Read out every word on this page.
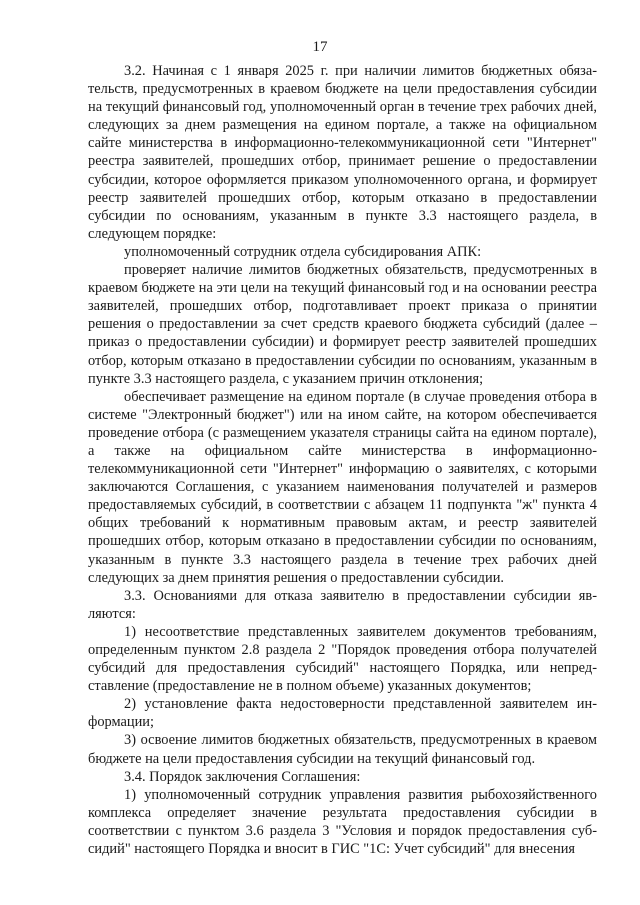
17

3.2. Начиная с 1 января 2025 г. при наличии лимитов бюджетных обязательств, предусмотренных в краевом бюджете на цели предоставления субсидии на текущий финансовый год, уполномоченный орган в течение трех рабочих дней, следующих за днем размещения на едином портале, а также на официальном сайте министерства в информационно-телекоммуникационной сети "Интернет" реестра заявителей, прошедших отбор, принимает решение о предоставлении субсидии, которое оформляется приказом уполномоченного органа, и формирует реестр заявителей прошедших отбор, которым отказано в предоставлении субсидии по основаниям, указанным в пункте 3.3 настоящего раздела, в следующем порядке:

уполномоченный сотрудник отдела субсидирования АПК:

проверяет наличие лимитов бюджетных обязательств, предусмотренных в краевом бюджете на эти цели на текущий финансовый год и на основании реестра заявителей, прошедших отбор, подготавливает проект приказа о принятии решения о предоставлении за счет средств краевого бюджета субсидий (далее – приказ о предоставлении субсидии) и формирует реестр заявителей прошедших отбор, которым отказано в предоставлении субсидии по основаниям, указанным в пункте 3.3 настоящего раздела, с указанием причин отклонения;

обеспечивает размещение на едином портале (в случае проведения отбора в системе "Электронный бюджет") или на ином сайте, на котором обеспечивается проведение отбора (с размещением указателя страницы сайта на едином портале), а также на официальном сайте министерства в информационно-телекоммуникационной сети "Интернет" информацию о заявителях, с которыми заключаются Соглашения, с указанием наименования получателей и размеров предоставляемых субсидий, в соответствии с абзацем 11 подпункта "ж" пункта 4 общих требований к нормативным правовым актам, и реестр заявителей прошедших отбор, которым отказано в предоставлении субсидии по основаниям, указанным в пункте 3.3 настоящего раздела в течение трех рабочих дней следующих за днем принятия решения о предоставлении субсидии.

3.3. Основаниями для отказа заявителю в предоставлении субсидии являются:

1) несоответствие представленных заявителем документов требованиям, определенным пунктом 2.8 раздела 2 "Порядок проведения отбора получателей субсидий для предоставления субсидий" настоящего Порядка, или непредставление (предоставление не в полном объеме) указанных документов;

2) установление факта недостоверности представленной заявителем информации;

3) освоение лимитов бюджетных обязательств, предусмотренных в краевом бюджете на цели предоставления субсидии на текущий финансовый год.

3.4. Порядок заключения Соглашения:

1) уполномоченный сотрудник управления развития рыбохозяйственного комплекса определяет значение результата предоставления субсидии в соответствии с пунктом 3.6 раздела 3 "Условия и порядок предоставления субсидий" настоящего Порядка и вносит в ГИС "1С: Учет субсидий" для внесения
